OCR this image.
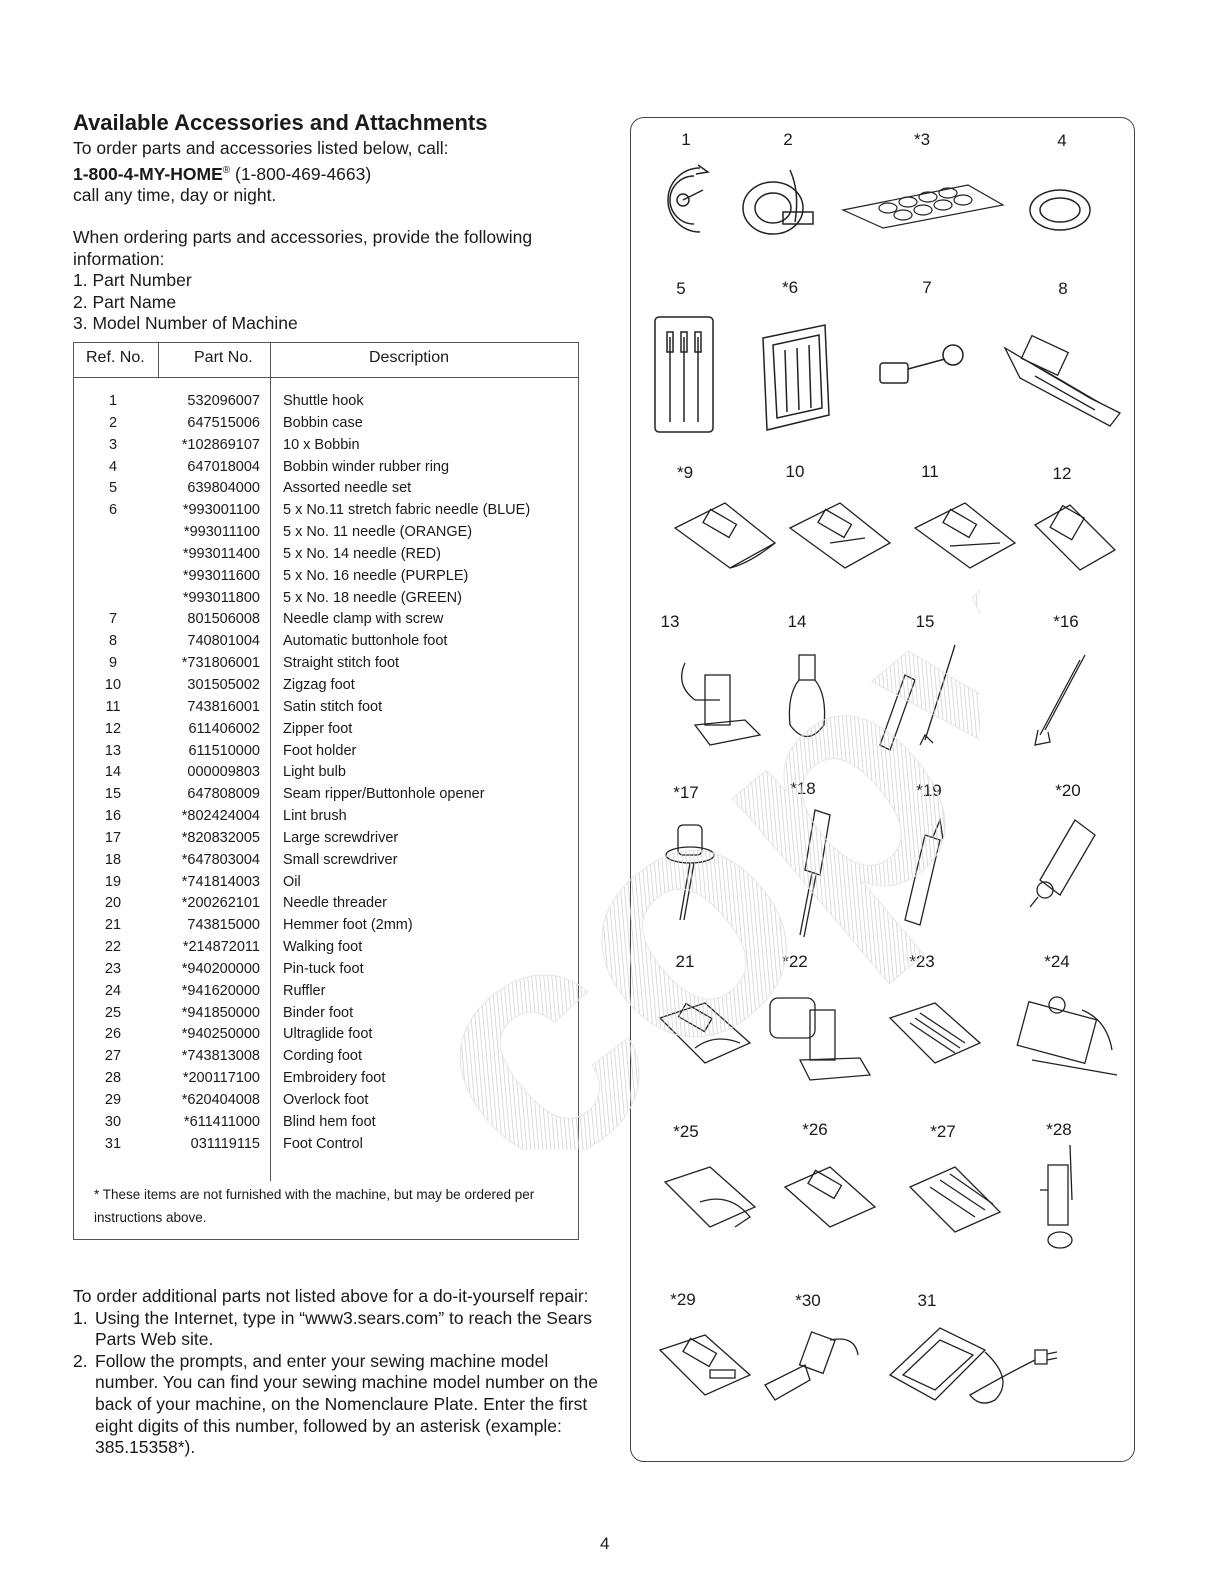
Available Accessories and Attachments

To order parts and accessories listed below, call:

1-800-4-MY-HOME® (1-800-469-4663)

call any time, day or night.

When ordering parts and accessories, provide the following information:

1. Part Number

2. Part Name

3. Model Number of Machine

Ref. No.	Part No.	Description
1	532096007 Shuttle hook
2	647515006 Bobbin case
3	*102869107 10 x Bobbin
4	647018004 Bobbin winder rubber ring
5	639804000 Assorted needle set
6	*993001100 5 x No.11 stretch fabric needle (BLUE)
*993011100 5 x No. 11 needle (ORANGE)
*993011400 5 x No. 14 needle (RED)
*993011600 5 x No. 16 needle (PURPLE)
*993011800 5 x No. 18 needle (GREEN)
7	801506008 Needle clamp with screw
8	740801004 Automatic buttonhole foot
9	*731806001 Straight stitch foot
10	301505002 Zigzag foot
11	743816001 Satin stitch foot
12	611406002 Zipper foot
13	611510000 Foot holder
14	000009803 Light bulb
15	647808009 Seam ripper/Buttonhole opener
16	*802424004 Lint brush
17	*820832005 Large screwdriver
18	*647803004 Small screwdriver
19	*741814003 Oil
20	*200262101 Needle threader
21	743815000 Hemmer foot (2mm)
22	*214872011 Walking foot
23	*940200000 Pin-tuck foot
24	*941620000 Ruffler
25	*941850000 Binder foot
26	*940250000 Ultraglide foot
27	*743813008 Cording foot
28	*200117100 Embroidery foot
29	*620404008 Overlock foot
30	*611411000 Blind hem foot
31	031119115 Foot Control
* These items are not furnished with the machine, but may be ordered per instructions above.

To order additional parts not listed above for a do-it-yourself repair:

1. Using the Internet, type in “www3.sears.com” to reach the Sears Parts Web site.
2. Follow the prompts, and enter your sewing machine model number. You can find your sewing machine model number on the back of your machine, on the Nomenclaure Plate. Enter the first eight digits of this number, followed by an asterisk (example: 385.15358*).
4
1	2	*3	4
5	*6	7	8
*9	10	11	12
13	14	15	*16
*17	*18	*19	*20
21	*22	*23	*24
*25	*26	*27	*28
*29	*30	31
copy
